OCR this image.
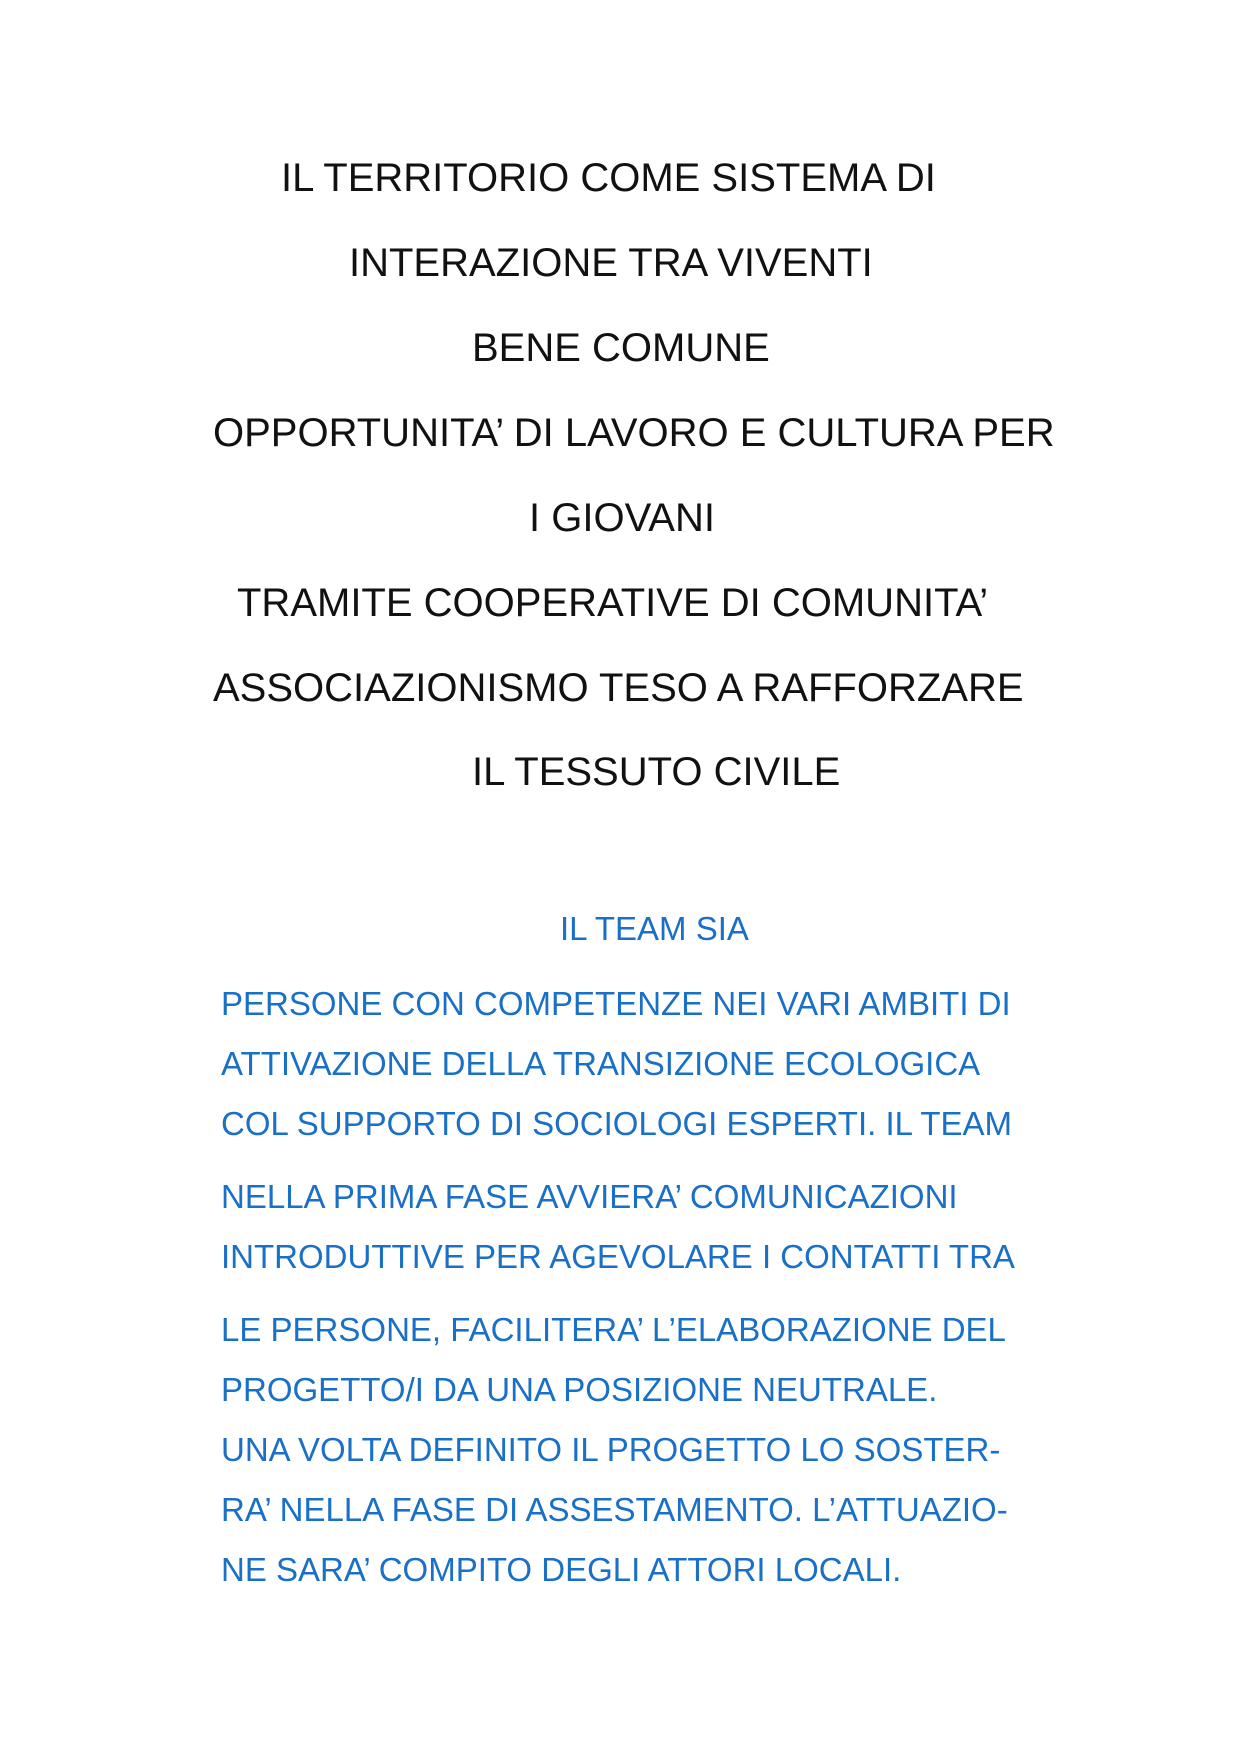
IL TERRITORIO COME SISTEMA DI

INTERAZIONE TRA VIVENTI

BENE COMUNE

OPPORTUNITA’ DI LAVORO E CULTURA PER

I GIOVANI

TRAMITE COOPERATIVE DI COMUNITA’

ASSOCIAZIONISMO TESO A RAFFORZARE

IL TESSUTO CIVILE

IL TEAM SIA

PERSONE CON COMPETENZE NEI VARI AMBITI DI

ATTIVAZIONE DELLA TRANSIZIONE ECOLOGICA

COL SUPPORTO DI SOCIOLOGI ESPERTI. IL TEAM

NELLA PRIMA FASE AVVIERA’ COMUNICAZIONI

INTRODUTTIVE PER AGEVOLARE I CONTATTI TRA

LE PERSONE, FACILITERA’ L’ELABORAZIONE DEL

PROGETTO/I DA UNA POSIZIONE NEUTRALE.

UNA VOLTA DEFINITO IL PROGETTO LO SOSTER-

RA’ NELLA FASE DI ASSESTAMENTO. L’ATTUAZIO-

NE SARA’ COMPITO DEGLI ATTORI LOCALI.
